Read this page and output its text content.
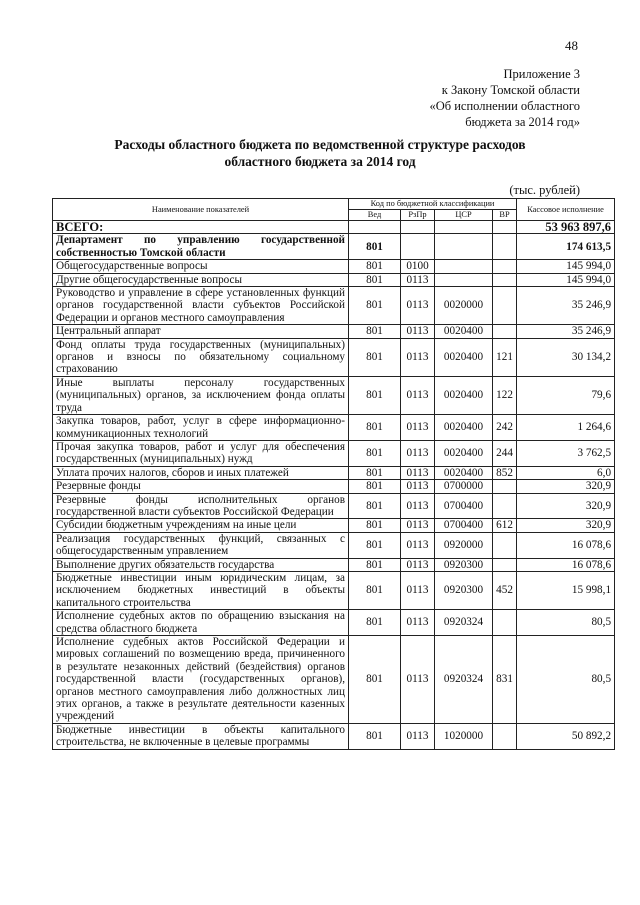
48
Приложение 3
к Закону Томской области
«Об исполнении областного
бюджета за 2014 год»
Расходы областного бюджета по ведомственной структуре расходов
областного бюджета за 2014 год
(тыс. рублей)
Наименование показателей	Код по бюджетной классификации				Кассовое исполнение
	Вед	РзПр	ЦСР	ВР	
ВСЕГО:					53 963 897,6
Департамент по управлению государственной собственностью Томской области	801				174 613,5
Общегосударственные вопросы	801	0100			145 994,0
Другие общегосударственные вопросы	801	0113			145 994,0
Руководство и управление в сфере установленных функций органов государственной власти субъектов Российской Федерации и органов местного самоуправления	801	0113	0020000		35 246,9
Центральный аппарат	801	0113	0020400		35 246,9
Фонд оплаты труда государственных (муниципальных) органов и взносы по обязательному социальному страхованию	801	0113	0020400	121	30 134,2
Иные выплаты персоналу государственных (муниципальных) органов, за исключением фонда оплаты труда	801	0113	0020400	122	79,6
Закупка товаров, работ, услуг в сфере информационно-коммуникационных технологий	801	0113	0020400	242	1 264,6
Прочая закупка товаров, работ и услуг для обеспечения государственных (муниципальных) нужд	801	0113	0020400	244	3 762,5
Уплата прочих налогов, сборов и иных платежей	801	0113	0020400	852	6,0
Резервные фонды	801	0113	0700000		320,9
Резервные фонды исполнительных органов государственной власти субъектов Российской Федерации	801	0113	0700400		320,9
Субсидии бюджетным учреждениям на иные цели	801	0113	0700400	612	320,9
Реализация государственных функций, связанных с общегосударственным управлением	801	0113	0920000		16 078,6
Выполнение других обязательств государства	801	0113	0920300		16 078,6
Бюджетные инвестиции иным юридическим лицам, за исключением бюджетных инвестиций в объекты капитального строительства	801	0113	0920300	452	15 998,1
Исполнение судебных актов по обращению взыскания на средства областного бюджета	801	0113	0920324		80,5
Исполнение судебных актов Российской Федерации и мировых соглашений по возмещению вреда, причиненного в результате незаконных действий (бездействия) органов государственной власти (государственных органов), органов местного самоуправления либо должностных лиц этих органов, а также в результате деятельности казенных учреждений	801	0113	0920324	831	80,5
Бюджетные инвестиции в объекты капитального строительства, не включенные в целевые программы	801	0113	1020000		50 892,2
